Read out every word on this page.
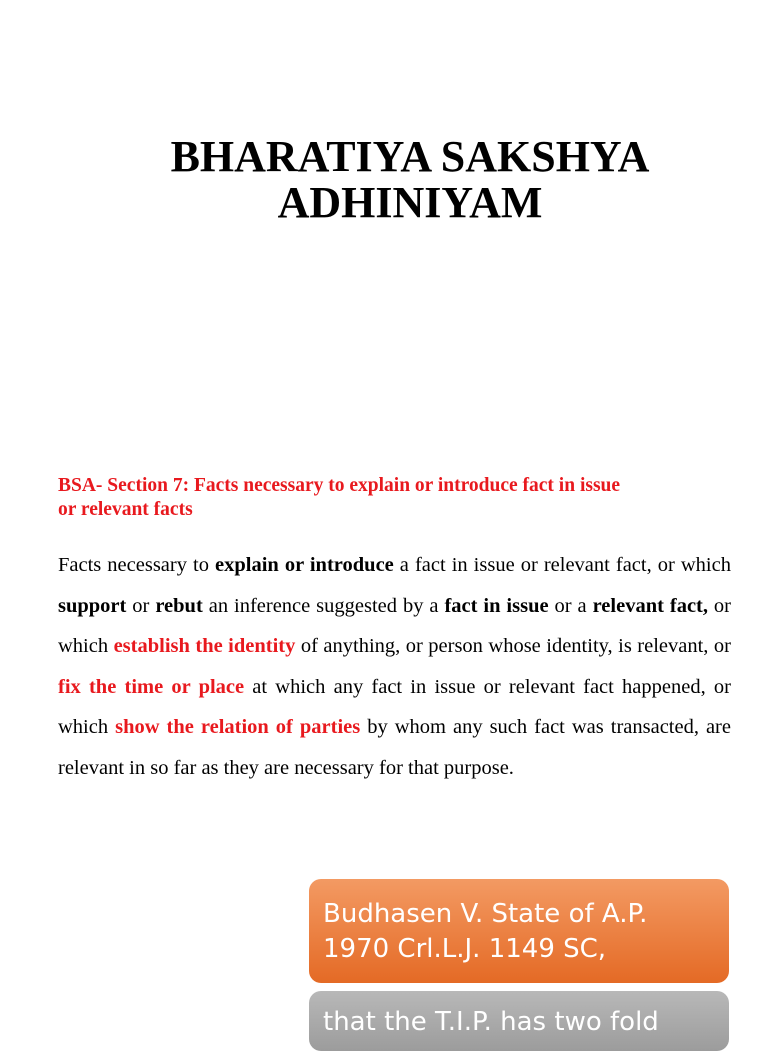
BHARATIYA SAKSHYA
ADHINIYAM

BSA- Section 7: Facts necessary to explain or introduce fact in issue
or relevant facts

Facts necessary to explain or introduce a fact in issue or relevant fact, or which support or rebut an inference suggested by a fact in issue or a relevant fact, or which establish the identity of anything, or person whose identity, is relevant, or fix the time or place at which any fact in issue or relevant fact happened, or which show the relation of parties by whom any such fact was transacted, are relevant in so far as they are necessary for that purpose.

Budhasen V. State of A.P.
1970 Crl.L.J. 1149 SC,
that the T.I.P. has two fold
